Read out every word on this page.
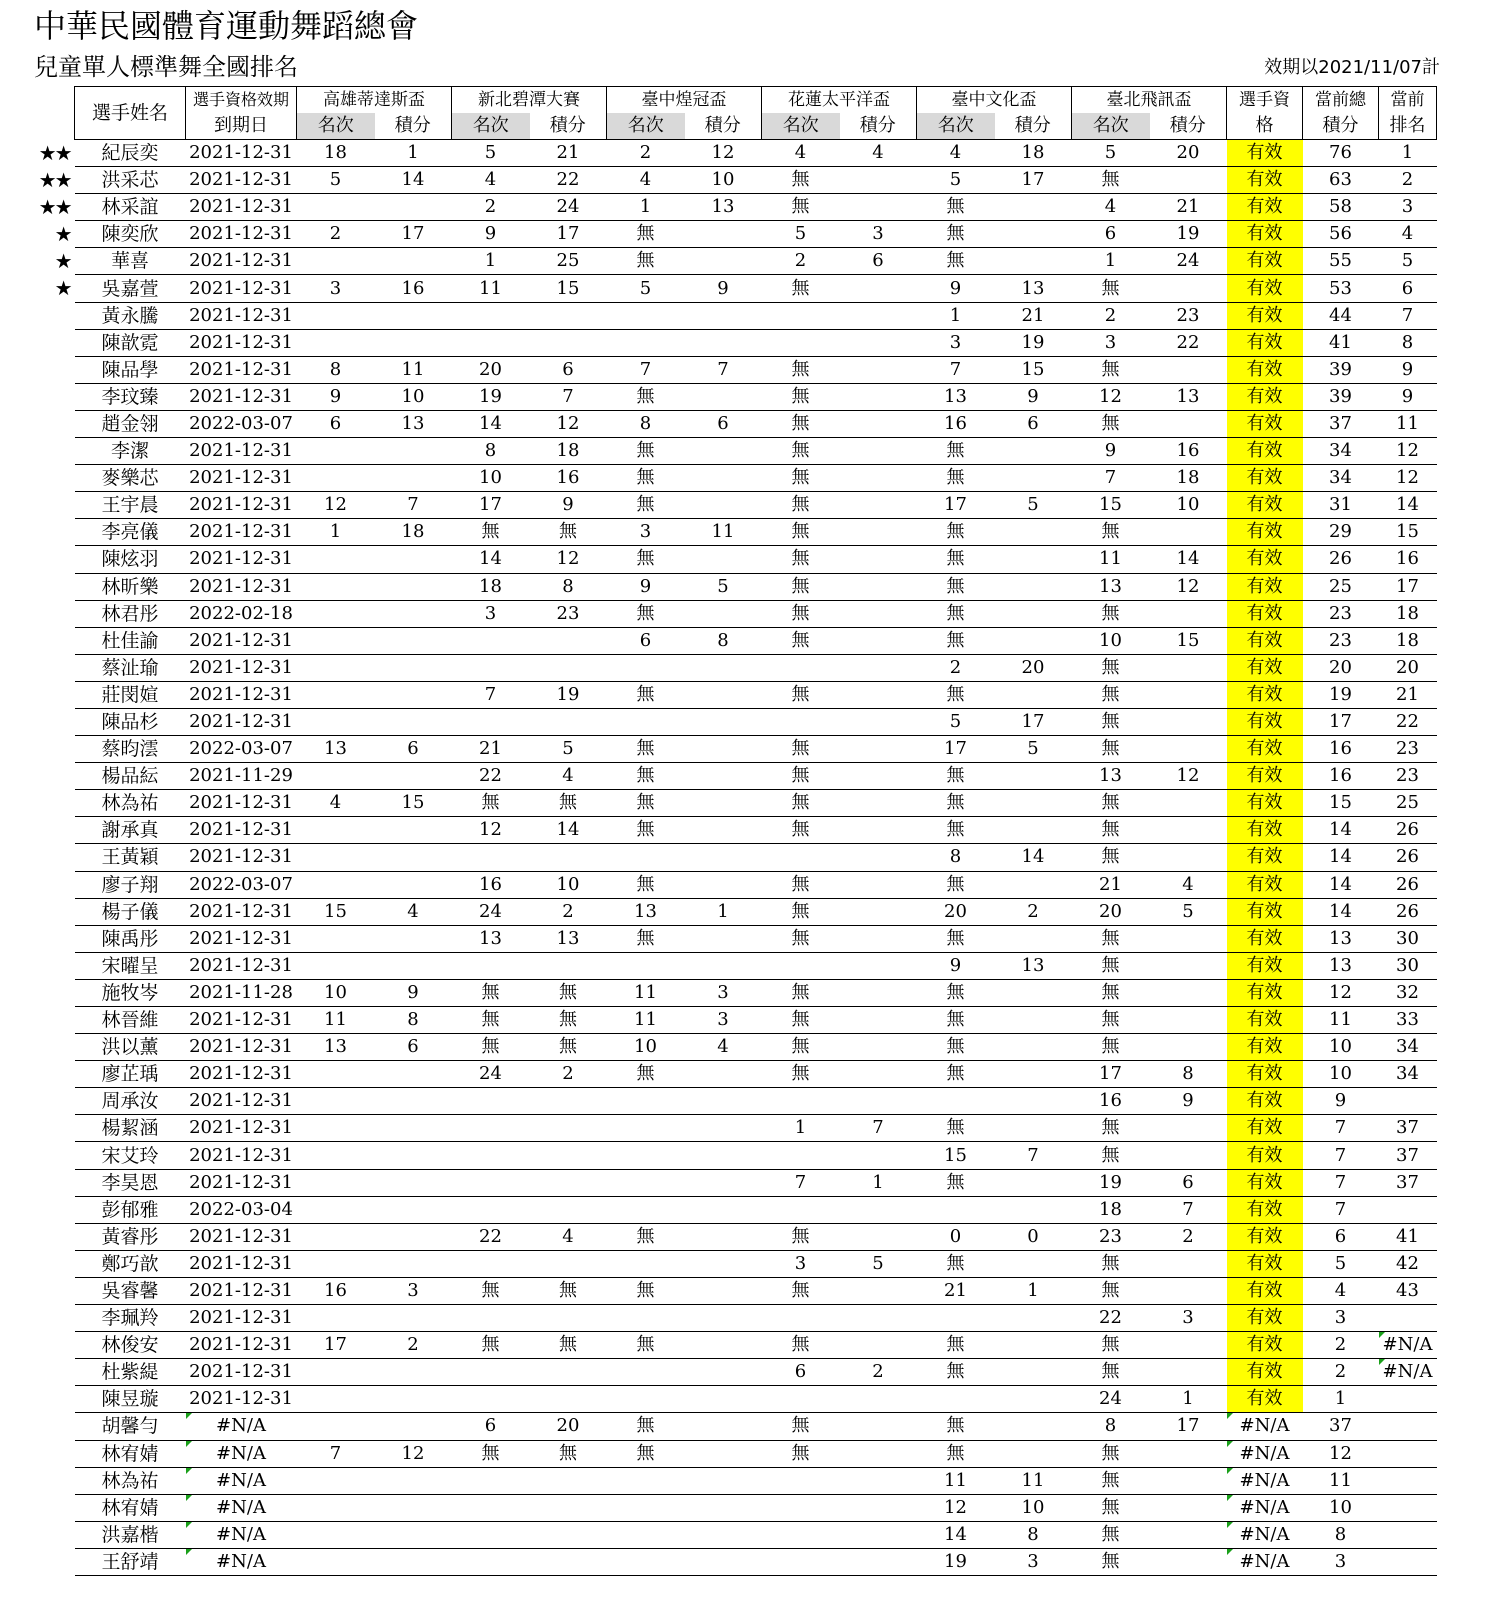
中華民國體育運動舞蹈總會
兒童單人標準舞全國排名	效期以2021/11/07計
選手姓名	選手資格效期	高雄蒂達斯盃		新北碧潭大賽		臺中煌冠盃		花蓮太平洋盃		臺中文化盃		臺北飛訊盃		選手資	當前總	當前
	到期日	名次	積分	名次	積分	名次	積分	名次	積分	名次	積分	名次	積分	格	積分	排名

★★ 紀辰奕	2021-12-31	18	1	5	21	2	12	4	4	4	18	5	20	有效	76	1

★★ 洪采芯	2021-12-31	5	14	4	22	4	10	無		5	17	無		有效	63	2

★★ 林采誼	2021-12-31			2	24	1	13	無		無		4	21	有效	58	3

★ 陳奕欣	2021-12-31	2	17	9	17	無		5	3	無		6	19	有效	56	4

★ 華喜	2021-12-31			1	25	無		2	6	無		1	24	有效	55	5

★ 吳嘉萱	2021-12-31	3	16	11	15	5	9	無		9	13	無		有效	53	6
黃永騰	2021-12-31									1	21	2	23	有效	44	7
陳歆霓	2021-12-31									3	19	3	22	有效	41	8
陳品學	2021-12-31	8	11	20	6	7	7	無		7	15	無		有效	39	9
李玟臻	2021-12-31	9	10	19	7	無		無		13	9	12	13	有效	39	9
趙金翎	2022-03-07	6	13	14	12	8	6	無		16	6	無		有效	37	11
李潔	2021-12-31			8	18	無		無		無		9	16	有效	34	12
麥樂芯	2021-12-31			10	16	無		無		無		7	18	有效	34	12
王宇晨	2021-12-31	12	7	17	9	無		無		17	5	15	10	有效	31	14
李亮儀	2021-12-31	1	18	無	無	3	11	無		無		無		有效	29	15
陳炫羽	2021-12-31			14	12	無		無		無		11	14	有效	26	16
林昕樂	2021-12-31			18	8	9	5	無		無		13	12	有效	25	17
林君彤	2022-02-18			3	23	無		無		無		無		有效	23	18
杜佳諭	2021-12-31					6	8	無		無		10	15	有效	23	18
蔡沚瑜	2021-12-31									2	20	無		有效	20	20
莊閔媗	2021-12-31			7	19	無		無		無		無		有效	19	21
陳品杉	2021-12-31									5	17	無		有效	17	22
蔡昀澐	2022-03-07	13	6	21	5	無		無		17	5	無		有效	16	23
楊品紜	2021-11-29			22	4	無		無		無		13	12	有效	16	23
林為祐	2021-12-31	4	15	無	無	無		無		無		無		有效	15	25
謝承真	2021-12-31			12	14	無		無		無		無		有效	14	26
王黃穎	2021-12-31									8	14	無		有效	14	26
廖子翔	2022-03-07			16	10	無		無		無		21	4	有效	14	26
楊子儀	2021-12-31	15	4	24	2	13	1	無		20	2	20	5	有效	14	26
陳禹彤	2021-12-31			13	13	無		無		無		無		有效	13	30
宋曜呈	2021-12-31									9	13	無		有效	13	30
施牧岑	2021-11-28	10	9	無	無	11	3	無		無		無		有效	12	32
林晉維	2021-12-31	11	8	無	無	11	3	無		無		無		有效	11	33
洪以薰	2021-12-31	13	6	無	無	10	4	無		無		無		有效	10	34
廖芷瑀	2021-12-31			24	2	無		無		無		17	8	有效	10	34
周承汝	2021-12-31											16	9	有效	9	
楊絜涵	2021-12-31							1	7	無		無		有效	7	37
宋艾玲	2021-12-31									15	7	無		有效	7	37
李昊恩	2021-12-31							7	1	無		19	6	有效	7	37
彭郁雅	2022-03-04											18	7	有效	7	
黃睿彤	2021-12-31			22	4	無		無		0	0	23	2	有效	6	41
鄭巧歆	2021-12-31							3	5	無		無		有效	5	42
吳睿馨	2021-12-31	16	3	無	無	無		無		21	1	無		有效	4	43
李珮羚	2021-12-31											22	3	有效	3	
林俊安	2021-12-31	17	2	無	無	無		無		無		無		有效	2	#N/A
杜紫緹	2021-12-31							6	2	無		無		有效	2	#N/A
陳昱璇	2021-12-31											24	1	有效	1	
胡馨勻	#N/A			6	20	無		無		無		8	17	#N/A	37	
林宥婧	#N/A	7	12	無	無	無		無		無		無		#N/A	12	
林為祐	#N/A									11	11	無		#N/A	11	
林宥婧	#N/A									12	10	無		#N/A	10	
洪嘉楷	#N/A									14	8	無		#N/A	8	
王舒靖	#N/A									19	3	無		#N/A	3	
